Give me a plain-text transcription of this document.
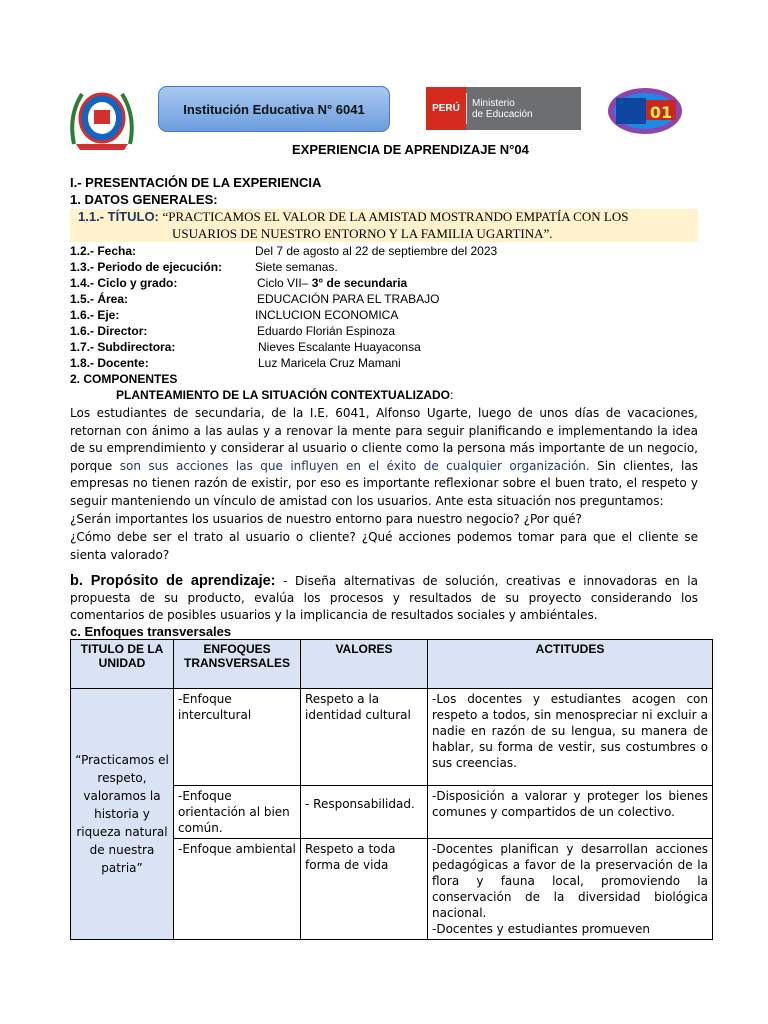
Institución Educativa N° 6041	PERÚ	Ministerio
de Educación	01
EXPERIENCIA DE APRENDIZAJE N°04
I.- PRESENTACIÓN DE LA EXPERIENCIA
1. DATOS GENERALES:
1.1.- TÍTULO: “PRACTICAMOS EL VALOR DE LA AMISTAD MOSTRANDO EMPATÍA CON LOS
USUARIOS DE NUESTRO ENTORNO Y LA FAMILIA UGARTINA”.
1.2.- Fecha:	Del 7 de agosto al 22 de septiembre del 2023
1.3.- Periodo de ejecución:	Siete semanas.
1.4.- Ciclo y grado:	Ciclo VII– 3° de secundaria
1.5.- Área:	EDUCACIÓN PARA EL TRABAJO
1.6.- Eje:	INCLUCION ECONOMICA
1.6.- Director:	Eduardo Florián Espinoza
1.7.- Subdirectora:	Nieves Escalante Huayaconsa
1.8.- Docente:	Luz Maricela Cruz Mamani
2. COMPONENTES
PLANTEAMIENTO DE LA SITUACIÓN CONTEXTUALIZADO:
Los estudiantes de secundaria, de la I.E. 6041, Alfonso Ugarte, luego de unos días de vacaciones, retornan con ánimo a las aulas y a renovar la mente para seguir planificando e implementando la idea de su emprendimiento y considerar al usuario o cliente como la persona más importante de un negocio, porque son sus acciones las que influyen en el éxito de cualquier organización. Sin clientes, las empresas no tienen razón de existir, por eso es importante reflexionar sobre el buen trato, el respeto y seguir manteniendo un vínculo de amistad con los usuarios. Ante esta situación nos preguntamos:
¿Serán importantes los usuarios de nuestro entorno para nuestro negocio? ¿Por qué?
¿Cómo debe ser el trato al usuario o cliente? ¿Qué acciones podemos tomar para que el cliente se sienta valorado?
b. Propósito de aprendizaje: - Diseña alternativas de solución, creativas e innovadoras en la propuesta de su producto, evalúa los procesos y resultados de su proyecto considerando los comentarios de posibles usuarios y la implicancia de resultados sociales y ambiéntales.
c. Enfoques transversales
TITULO DE LA UNIDAD	ENFOQUES TRANSVERSALES	VALORES	ACTITUDES
“Practicamos el respeto, valoramos la historia y riqueza natural de nuestra patria”	-Enfoque intercultural	Respeto a la identidad cultural	-Los docentes y estudiantes acogen con respeto a todos, sin menospreciar ni excluir a nadie en razón de su lengua, su manera de hablar, su forma de vestir, sus costumbres o sus creencias.
	-Enfoque orientación al bien común.	- Responsabilidad.	-Disposición a valorar y proteger los bienes comunes y compartidos de un colectivo.
	-Enfoque ambiental	Respeto a toda forma de vida	-Docentes planifican y desarrollan acciones pedagógicas a favor de la preservación de la flora y fauna local, promoviendo la conservación de la diversidad biológica nacional.
-Docentes y estudiantes promueven
